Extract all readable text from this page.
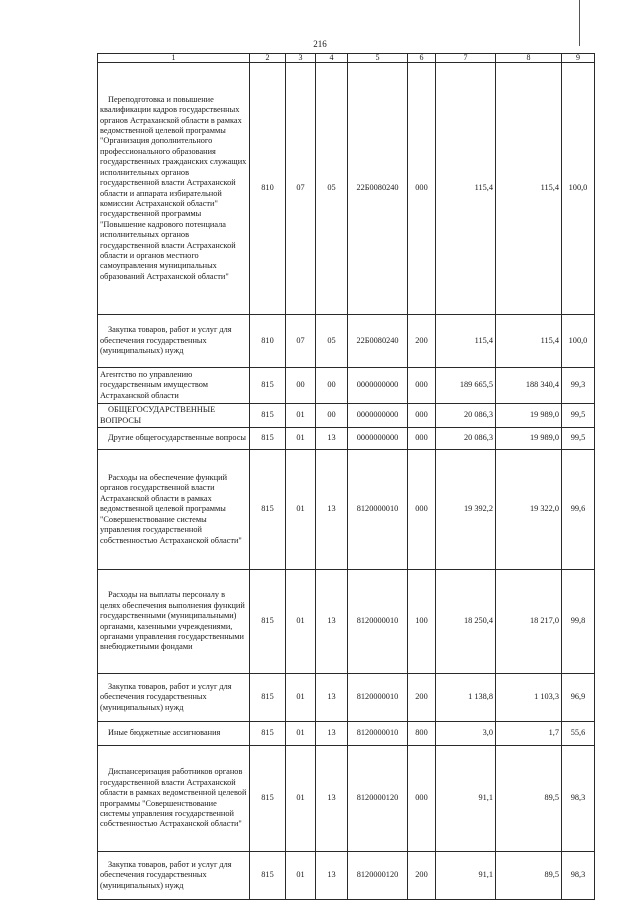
216
1	2	3	4	5	6	7	8	9

Переподготовка и повышение квалификации кадров государственных органов Астраханской области в рамках ведомственной целевой программы "Организация дополнительного профессионального образования государственных гражданских служащих исполнительных органов государственной власти Астраханской области и аппарата избирательной комиссии Астраханской области" государственной программы "Повышение кадрового потенциала исполнительных органов государственной власти Астраханской области и органов местного самоуправления муниципальных образований Астраханской области"	810	07	05	22Б0080240	000	115,4	115,4	100,0

Закупка товаров, работ и услуг для обеспечения государственных (муниципальных) нужд	810	07	05	22Б0080240	200	115,4	115,4	100,0
Агентство по управлению государственным имуществом Астраханской области	815	00	00	0000000000	000	189 665,5	188 340,4	99,3

ОБЩЕГОСУДАРСТВЕННЫЕ ВОПРОСЫ	815	01	00	0000000000	000	20 086,3	19 989,0	99,5

Другие общегосударственные вопросы	815	01	13	0000000000	000	20 086,3	19 989,0	99,5

Расходы на обеспечение функций органов государственной власти Астраханской области в рамках ведомственной целевой программы "Совершенствование системы управления государственной собственностью Астраханской области"	815	01	13	8120000010	000	19 392,2	19 322,0	99,6

Расходы на выплаты персоналу в целях обеспечения выполнения функций государственными (муниципальными) органами, казенными учреждениями, органами управления государственными внебюджетными фондами	815	01	13	8120000010	100	18 250,4	18 217,0	99,8

Закупка товаров, работ и услуг для обеспечения государственных (муниципальных) нужд	815	01	13	8120000010	200	1 138,8	1 103,3	96,9

Иные бюджетные ассигнования	815	01	13	8120000010	800	3,0	1,7	55,6

Диспансеризация работников органов государственной власти Астраханской области в рамках ведомственной целевой программы "Совершенствование системы управления государственной собственностью Астраханской области"	815	01	13	8120000120	000	91,1	89,5	98,3

Закупка товаров, работ и услуг для обеспечения государственных (муниципальных) нужд	815	01	13	8120000120	200	91,1	89,5	98,3
